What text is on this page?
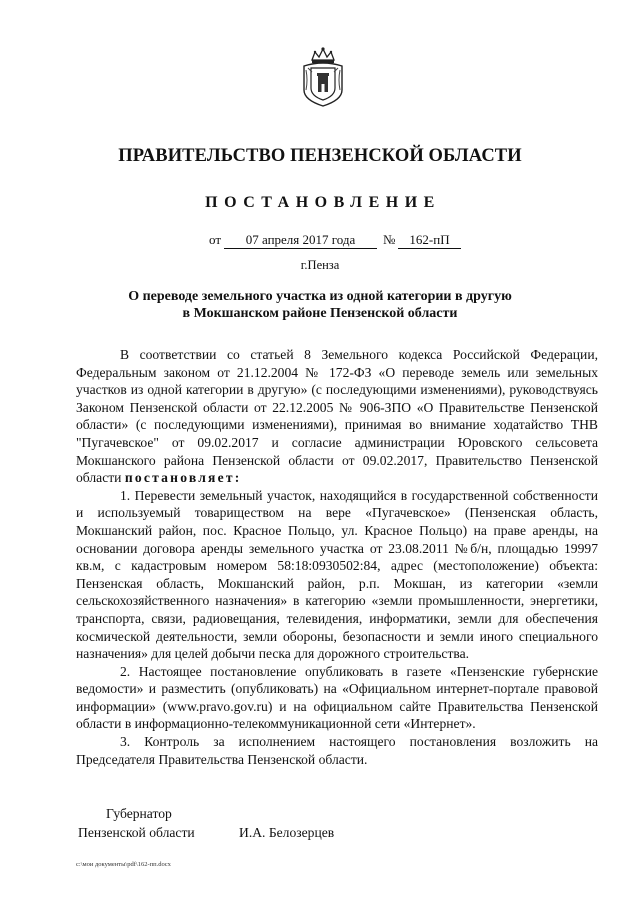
ПРАВИТЕЛЬСТВО ПЕНЗЕНСКОЙ ОБЛАСТИ
ПОСТАНОВЛЕНИЕ
от	07 апреля 2017 года	№	162-пП
г.Пенза
О переводе земельного участка из одной категории в другую
в Мокшанском районе Пензенской области

В соответствии со статьей 8 Земельного кодекса Российской Федерации, Федеральным законом от 21.12.2004 № 172-ФЗ «О переводе земель или земельных участков из одной категории в другую» (с последующими изменениями), руководствуясь Законом Пензенской области от 22.12.2005 № 906-ЗПО «О Правительстве Пензенской области» (с последующими изменениями), принимая во внимание ходатайство ТНВ "Пугачевское" от 09.02.2017 и согласие администрации Юровского сельсовета Мокшанского района Пензенской области от 09.02.2017, Правительство Пензенской области постановляет:

1. Перевести земельный участок, находящийся в государственной собственности и используемый товариществом на вере «Пугачевское» (Пензенская область, Мокшанский район, пос. Красное Польцо, ул. Красное Польцо) на праве аренды, на основании договора аренды земельного участка от 23.08.2011 №б/н, площадью 19997 кв.м, с кадастровым номером 58:18:0930502:84, адрес (местоположение) объекта: Пензенская область, Мокшанский район, р.п. Мокшан, из категории «земли сельскохозяйственного назначения» в категорию «земли промышленности, энергетики, транспорта, связи, радиовещания, телевидения, информатики, земли для обеспечения космической деятельности, земли обороны, безопасности и земли иного специального назначения» для целей добычи песка для дорожного строительства.

2. Настоящее постановление опубликовать в газете «Пензенские губернские ведомости» и разместить (опубликовать) на «Официальном интернет-портале правовой информации» (www.pravo.gov.ru) и на официальном сайте Правительства Пензенской области в информационно-телекоммуникационной сети «Интернет».

3. Контроль за исполнением настоящего постановления возложить на Председателя Правительства Пензенской области.

Губернатор
Пензенской области	И.А. Белозерцев
c:\мои документы\pdf\162-пп.docx
